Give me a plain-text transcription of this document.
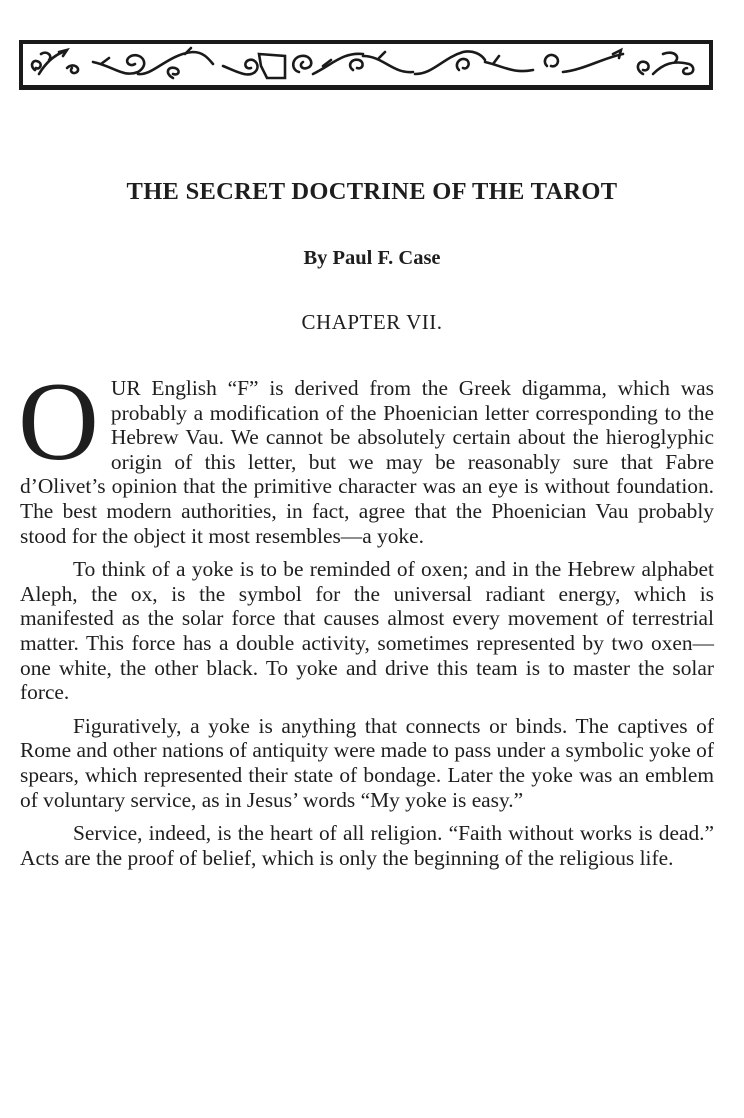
THE SECRET DOCTRINE OF THE TAROT
By Paul F. Case
CHAPTER VII.

OUR English “F” is derived from the Greek digamma, which was probably a modification of the Phoenician letter corresponding to the Hebrew Vau. We cannot be absolutely certain about the hieroglyphic origin of this letter, but we may be reasonably sure that Fabre d’Olivet’s opinion that the primitive character was an eye is without foundation. The best modern authorities, in fact, agree that the Phoenician Vau probably stood for the object it most resembles—a yoke.

To think of a yoke is to be reminded of oxen; and in the Hebrew alphabet Aleph, the ox, is the symbol for the universal radiant energy, which is manifested as the solar force that causes almost every movement of terrestrial matter. This force has a double activity, sometimes represented by two oxen—one white, the other black. To yoke and drive this team is to master the solar force.

Figuratively, a yoke is anything that connects or binds. The captives of Rome and other nations of antiquity were made to pass under a symbolic yoke of spears, which represented their state of bondage. Later the yoke was an emblem of voluntary service, as in Jesus’ words “My yoke is easy.”

Service, indeed, is the heart of all religion. “Faith without works is dead.” Acts are the proof of belief, which is only the beginning of the religious life.
